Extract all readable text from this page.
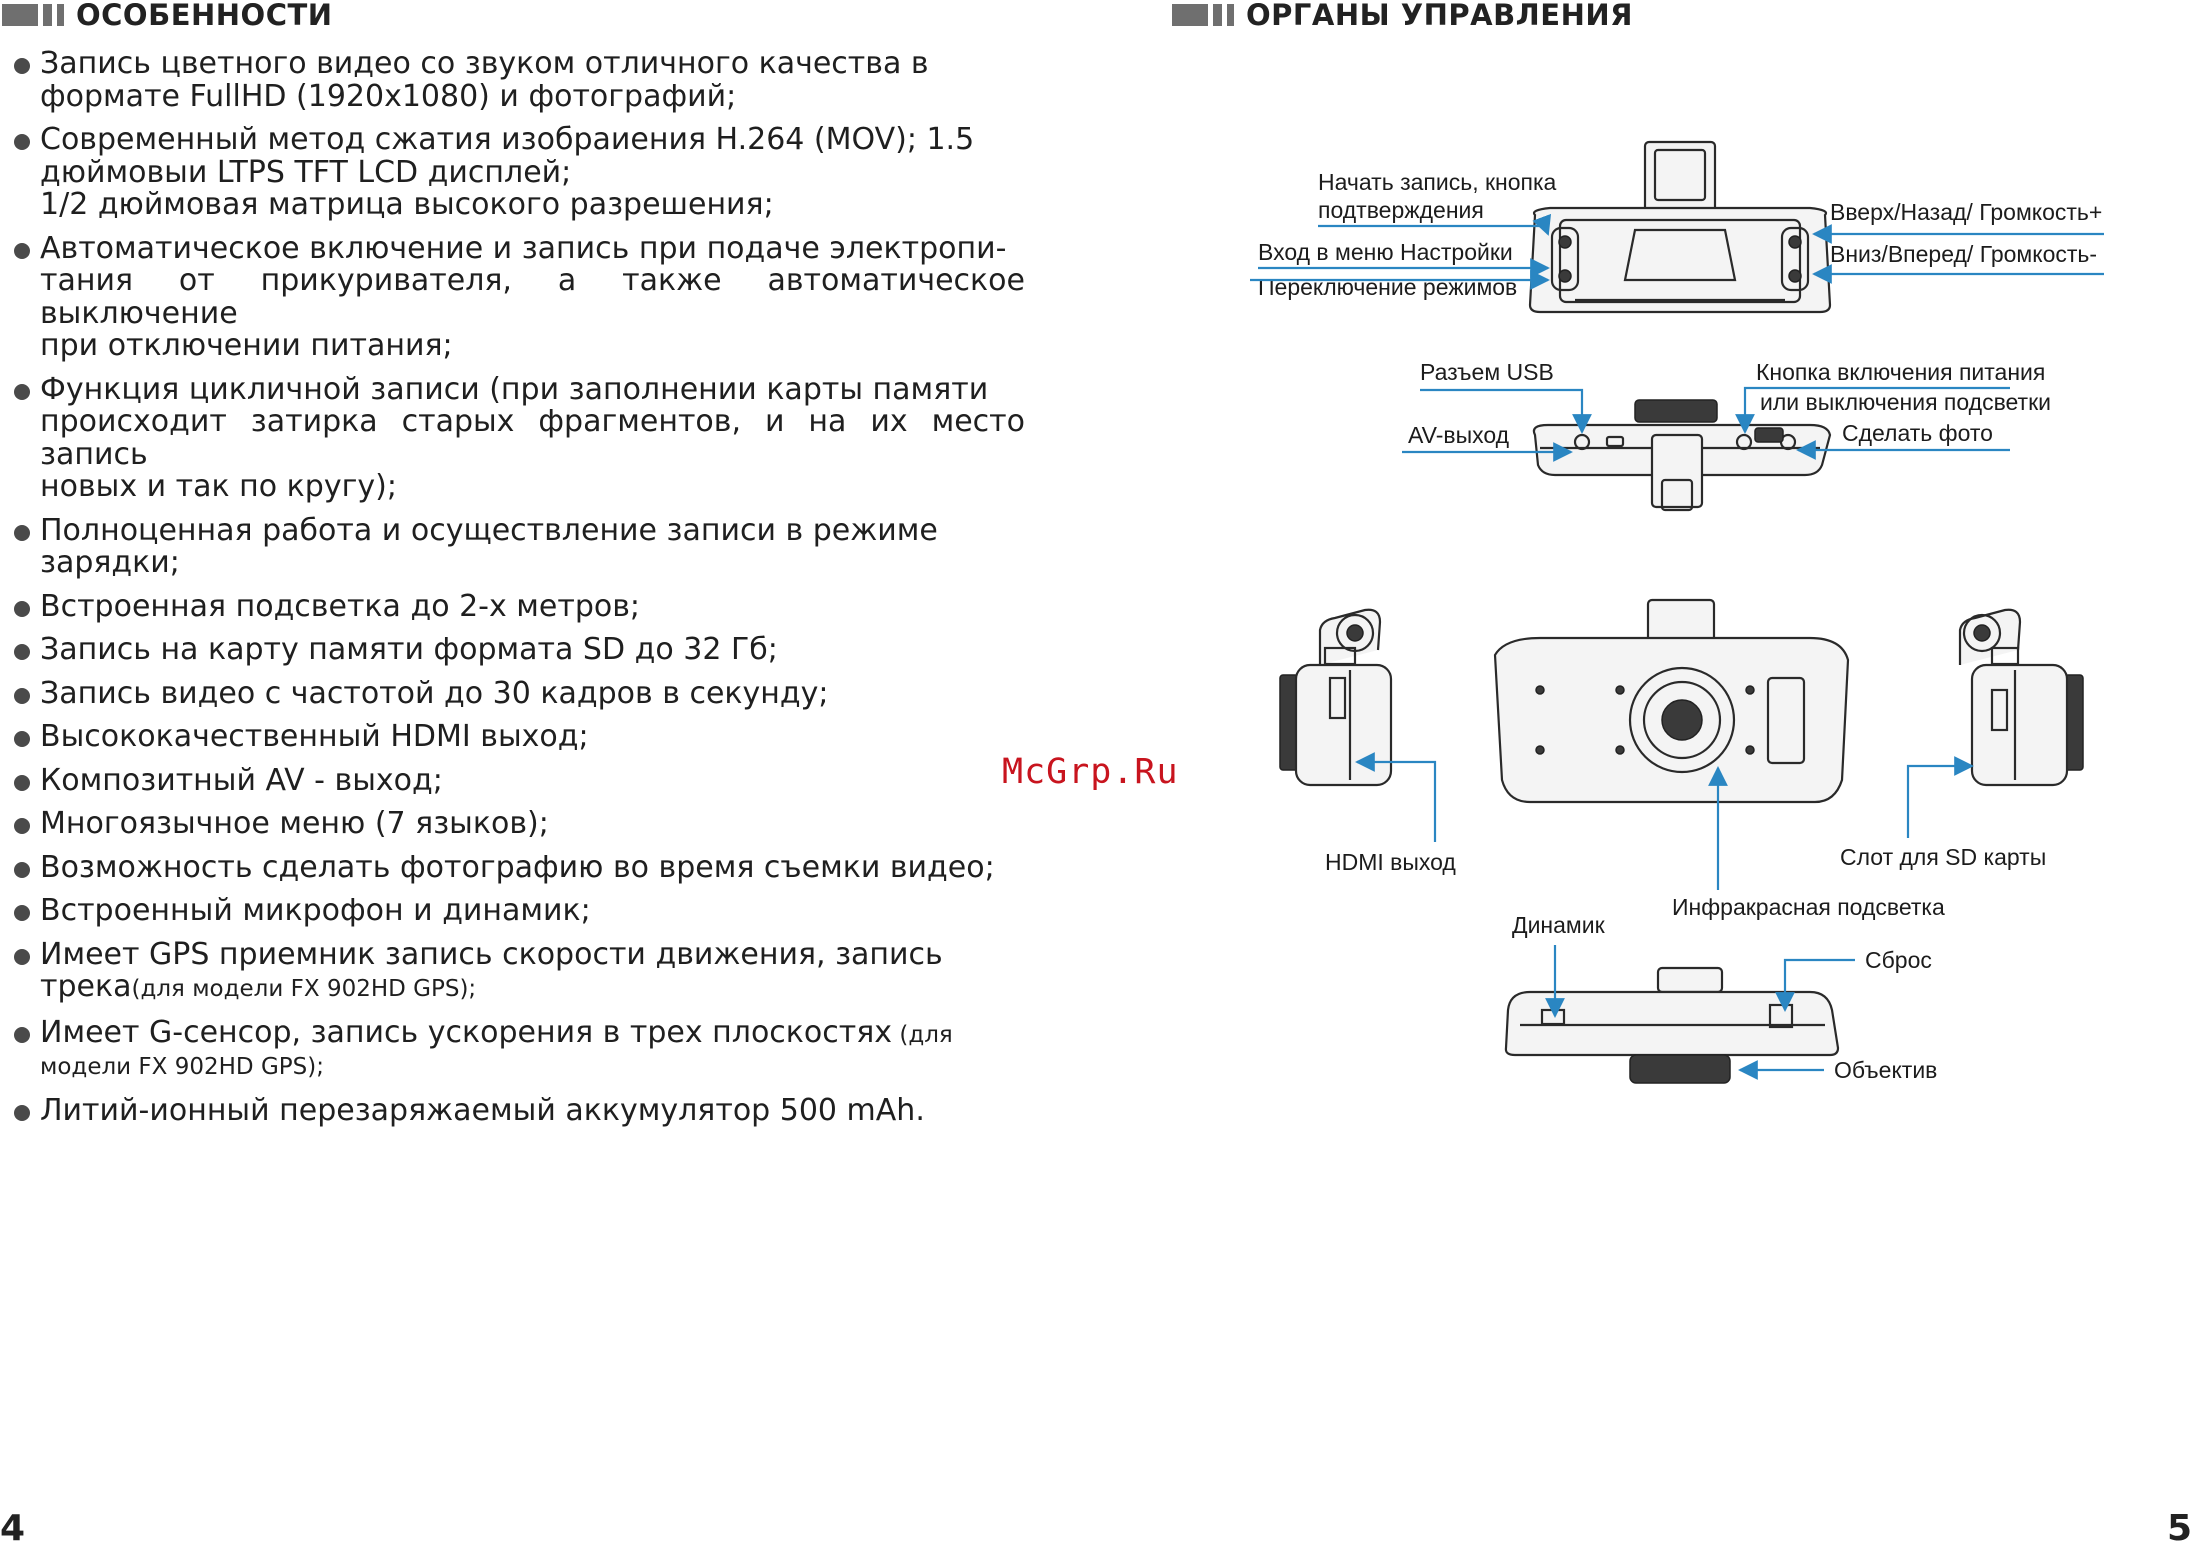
ОСОБЕННОСТИ	ОРГАНЫ УПРАВЛЕНИЯ
Запись цветного видео со звуком отличного качества в
формате FullHD (1920x1080) и фотографий;
Современный метод сжатия изобраиения H.264 (MOV); 1.5
дюймовыи LTPS TFT LCD дисплей;
1/2 дюймовая матрица высокого разрешения;
Автоматическое включение и запись при подаче электропи-
тания от прикуривателя, а также автоматическое выключение
при отключении питания;
Функция цикличной записи (при заполнении карты памяти
происходит затирка старых фрагментов, и на их место запись
новых и так по кругу);
Полноценная работа и осуществление записи в режиме
зарядки;
Встроенная подсветка до 2-х метров;
Запись на карту памяти формата SD до 32 Гб;
Запись видео с частотой до 30 кадров в секунду;
Высококачественный HDMI выход;
Композитный AV - выход;
Многоязычное меню (7 языков);
Возможность сделать фотографию во время съемки видео;
Встроенный микрофон и динамик;
Имеет GPS приемник запись скорости движения, запись
трека(для модели FX 902HD GPS);
Имеет G-сенсор, запись ускорения в трех плоскостях (для
модели FX 902HD GPS);
Литий-ионный перезаряжаемый аккумулятор 500 mAh.
McGrp.Ru
Начать запись, кнопка
подтверждения
Вход в меню Настройки
Переключение режимов
Вверх/Назад/ Громкость+
Вниз/Вперед/ Громкость-
Разъем USB	Кнопка включения питания
или выключения подсветки
AV-выход	Сделать фото
HDMI выход
Инфракрасная подсветка
Слот для SD карты
Динамик
Сброс
Объектив
4	5
